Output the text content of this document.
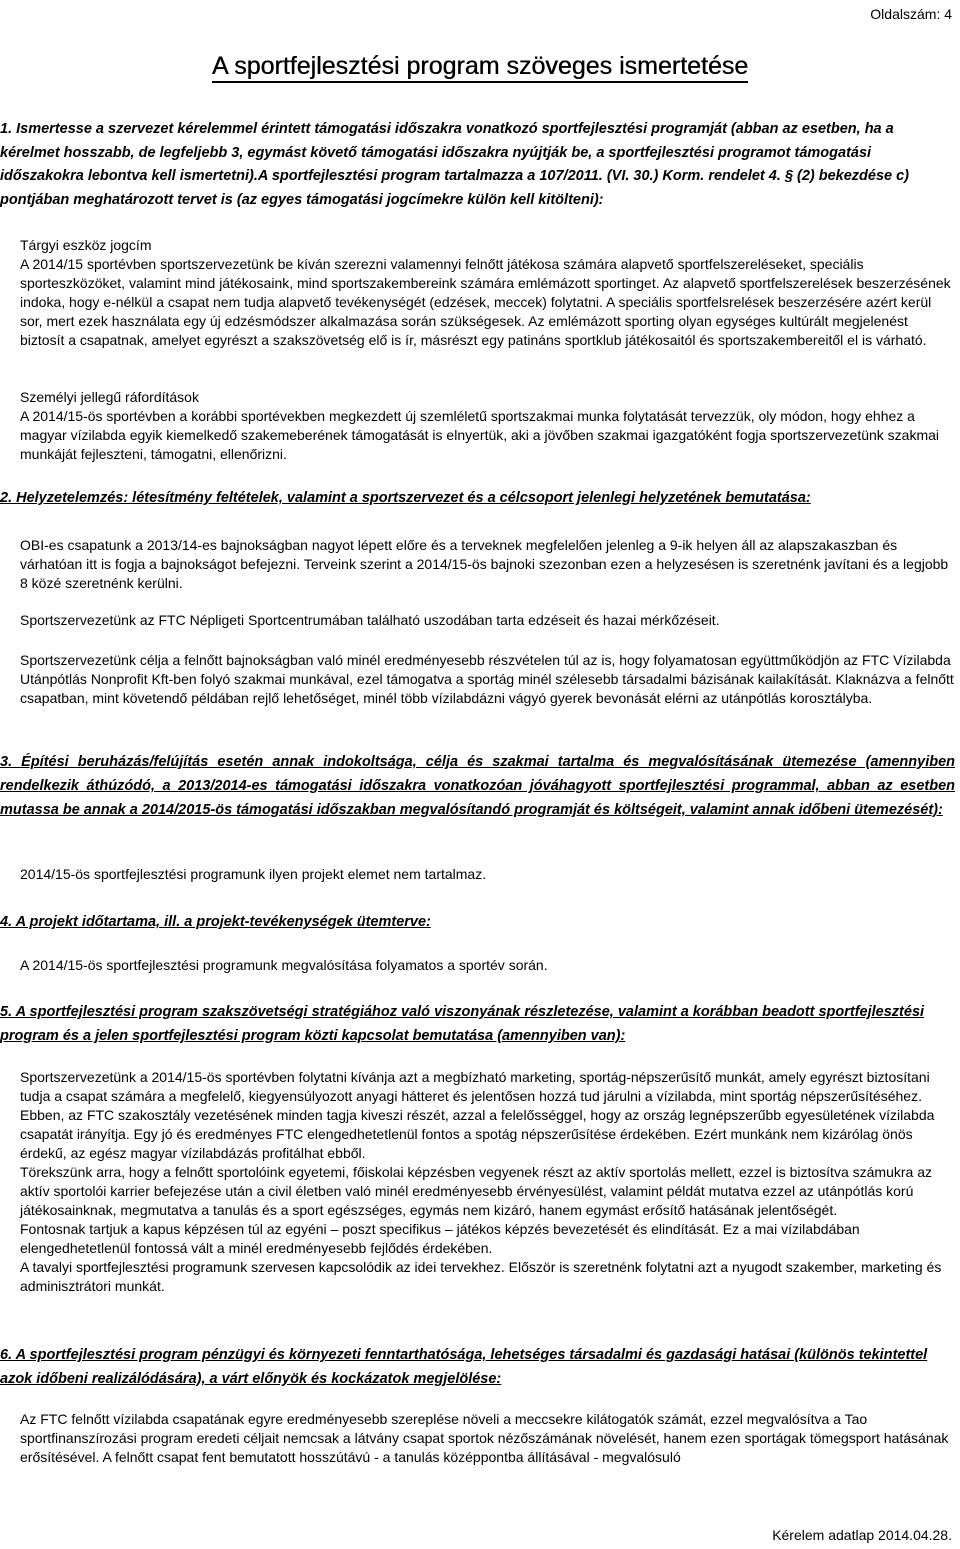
Oldalszám: 4
A sportfejlesztési program szöveges ismertetése

1. Ismertesse a szervezet kérelemmel érintett támogatási időszakra vonatkozó sportfejlesztési programját (abban az esetben, ha a kérelmet hosszabb, de legfeljebb 3, egymást követő támogatási időszakra nyújtják be, a sportfejlesztési programot támogatási időszakokra lebontva kell ismertetni).A sportfejlesztési program tartalmazza a 107/2011. (VI. 30.) Korm. rendelet 4. § (2) bekezdése c) pontjában meghatározott tervet is (az egyes támogatási jogcímekre külön kell kitölteni):

Tárgyi eszköz jogcím
A 2014/15 sportévben sportszervezetünk be kíván szerezni valamennyi felnőtt játékosa számára alapvető sportfelszereléseket, speciális sporteszközöket, valamint mind játékosaink, mind sportszakembereink számára emlémázott sportinget. Az alapvető sportfelszerelések beszerzésének indoka, hogy e-nélkül a csapat nem tudja alapvető tevékenységét (edzések, meccek) folytatni. A speciális sportfelsrelések beszerzésére azért kerül sor, mert ezek használata egy új edzésmódszer alkalmazása során szükségesek. Az emlémázott sporting olyan egységes kultúrált megjelenést biztosít a csapatnak, amelyet egyrészt a szakszövetség elő is ír, másrészt egy patináns sportklub játékosaitól és sportszakembereitől el is várható.

Személyi jellegű ráfordítások
A 2014/15-ös sportévben a korábbi sportévekben megkezdett új szemléletű sportszakmai munka folytatását tervezzük, oly módon, hogy ehhez a magyar vízilabda egyik kiemelkedő szakemeberének támogatását is elnyertük, aki a jövőben szakmai igazgatóként fogja sportszervezetünk szakmai munkáját fejleszteni, támogatni, ellenőrizni.

2. Helyzetelemzés: létesítmény feltételek, valamint a sportszervezet és a célcsoport jelenlegi helyzetének bemutatása:

OBI-es csapatunk a 2013/14-es bajnokságban nagyot lépett előre és a terveknek megfelelően jelenleg a 9-ik helyen áll az alapszakaszban és várhatóan itt is fogja a bajnokságot befejezni. Terveink szerint a 2014/15-ös bajnoki szezonban ezen a helyzesésen is szeretnénk javítani és a legjobb 8 közé szeretnénk kerülni.

Sportszervezetünk az FTC Népligeti Sportcentrumában található uszodában tarta edzéseit és hazai mérkőzéseit.

Sportszervezetünk célja a felnőtt bajnokságban való minél eredményesebb részvételen túl az is, hogy folyamatosan együttműködjön az FTC Vízilabda Utánpótlás Nonprofit Kft-ben folyó szakmai munkával, ezel támogatva a sportág minél szélesebb társadalmi bázisának kailakítását. Klaknázva a felnőtt csapatban, mint követendő példában rejlő lehetőséget, minél több vízilabdázni vágyó gyerek bevonását elérni az utánpótlás korosztályba.

3. Építési beruházás/felújítás esetén annak indokoltsága, célja és szakmai tartalma és megvalósításának ütemezése (amennyiben rendelkezik áthúzódó, a 2013/2014-es támogatási időszakra vonatkozóan jóváhagyott sportfejlesztési programmal, abban az esetben mutassa be annak a 2014/2015-ös támogatási időszakban megvalósítandó programját és költségeit, valamint annak időbeni ütemezését):

2014/15-ös sportfejlesztési programunk ilyen projekt elemet nem tartalmaz.

4. A projekt időtartama, ill. a projekt-tevékenységek ütemterve:

A 2014/15-ös sportfejlesztési programunk megvalósítása folyamatos a sportév során.

5. A sportfejlesztési program szakszövetségi stratégiához való viszonyának részletezése, valamint a korábban beadott sportfejlesztési program és a jelen sportfejlesztési program közti kapcsolat bemutatása (amennyiben van):

Sportszervezetünk a 2014/15-ös sportévben folytatni kívánja azt a megbízható marketing, sportág-népszerűsítő munkát, amely egyrészt biztosítani tudja a csapat számára a megfelelő, kiegyensúlyozott anyagi hátteret és jelentősen hozzá tud járulni a vízilabda, mint sportág népszerűsítéséhez. Ebben, az FTC szakosztály vezetésének minden tagja kiveszi részét, azzal a felelősséggel, hogy az ország legnépszerűbb egyesületének vízilabda csapatát irányítja. Egy jó és eredményes FTC elengedhetetlenül fontos a spotág népszerűsítése érdekében. Ezért munkánk nem kizárólag önös érdekű, az egész magyar vízilabdázás profitálhat ebből.
Törekszünk arra, hogy a felnőtt sportolóink egyetemi, főiskolai képzésben vegyenek részt az aktív sportolás mellett, ezzel is biztosítva számukra az aktív sportolói karrier befejezése után a civil életben való minél eredményesebb érvényesülést, valamint példát mutatva ezzel az utánpótlás korú játékosainknak, megmutatva a tanulás és a sport egészséges, egymás nem kizáró, hanem egymást erősítő hatásának jelentőségét.
Fontosnak tartjuk a kapus képzésen túl az egyéni – poszt specifikus – játékos képzés bevezetését és elindítását. Ez a mai vízilabdában elengedhetetlenül fontossá vált a minél eredményesebb fejlődés érdekében.
A tavalyi sportfejlesztési programunk szervesen kapcsolódik az idei tervekhez. Először is szeretnénk folytatni azt a nyugodt szakember, marketing és adminisztrátori munkát.

6. A sportfejlesztési program pénzügyi és környezeti fenntarthatósága, lehetséges társadalmi és gazdasági hatásai (különös tekintettel azok időbeni realizálódására), a várt előnyök és kockázatok megjelölése:

Az FTC felnőtt vízilabda csapatának egyre eredményesebb szereplése növeli a meccsekre kilátogatók számát, ezzel megvalósítva a Tao sportfinanszírozási program eredeti céljait nemcsak a látvány csapat sportok nézőszámának növelését, hanem ezen sportágak tömegsport hatásának erősítésével. A felnőtt csapat fent bemutatott hosszútávú - a tanulás középpontba állításával - megvalósuló

Kérelem adatlap 2014.04.28.
